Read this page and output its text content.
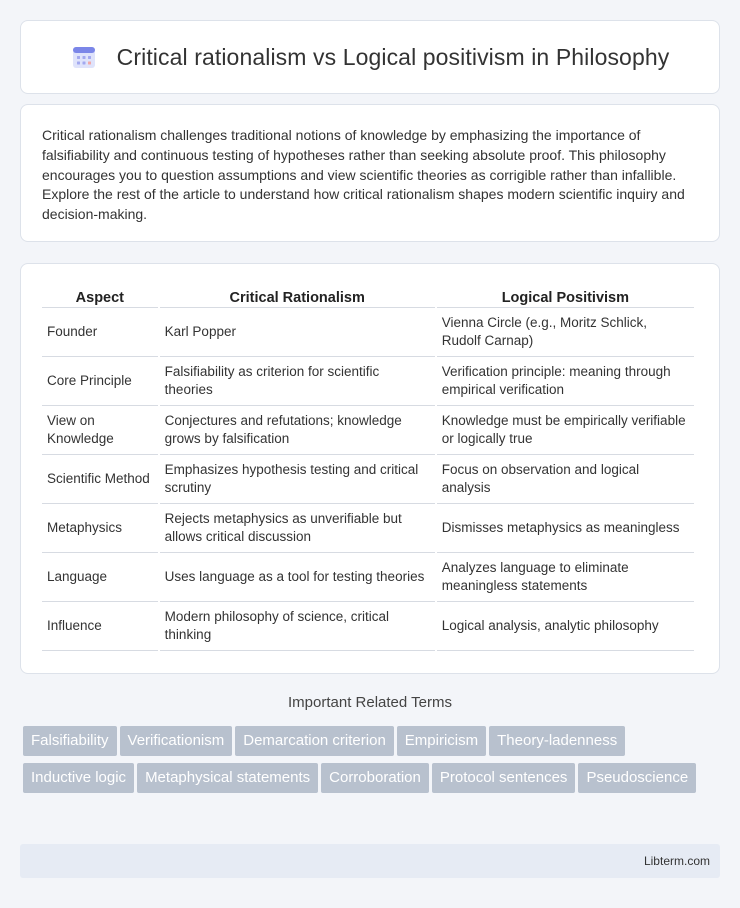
Critical rationalism vs Logical positivism in Philosophy

Critical rationalism challenges traditional notions of knowledge by emphasizing the importance of falsifiability and continuous testing of hypotheses rather than seeking absolute proof. This philosophy encourages you to question assumptions and view scientific theories as corrigible rather than infallible. Explore the rest of the article to understand how critical rationalism shapes modern scientific inquiry and decision-making.

Aspect	Critical Rationalism	Logical Positivism
Founder	Karl Popper	Vienna Circle (e.g., Moritz Schlick, Rudolf Carnap)
Core Principle	Falsifiability as criterion for scientific theories	Verification principle: meaning through empirical verification
View on Knowledge	Conjectures and refutations; knowledge grows by falsification	Knowledge must be empirically verifiable or logically true
Scientific Method	Emphasizes hypothesis testing and critical scrutiny	Focus on observation and logical analysis
Metaphysics	Rejects metaphysics as unverifiable but allows critical discussion	Dismisses metaphysics as meaningless
Language	Uses language as a tool for testing theories	Analyzes language to eliminate meaningless statements
Influence	Modern philosophy of science, critical thinking	Logical analysis, analytic philosophy
Important Related Terms
Falsifiability Verificationism Demarcation criterion Empiricism Theory-ladennessInductive logic Metaphysical statements Corroboration Protocol sentences Pseudoscience
Libterm.com
